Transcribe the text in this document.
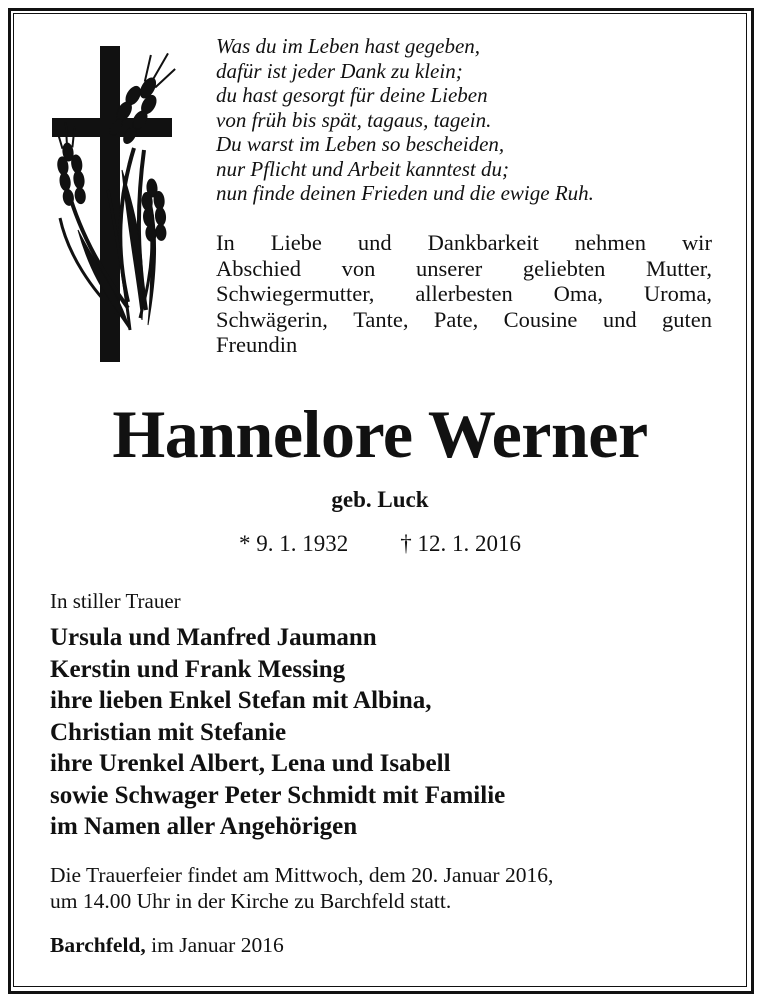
Was du im Leben hast gegeben,
dafür ist jeder Dank zu klein;
du hast gesorgt für deine Lieben
von früh bis spät, tagaus, tagein.
Du warst im Leben so bescheiden,
nur Pflicht und Arbeit kanntest du;
nun finde deinen Frieden und die ewige Ruh.
In Liebe und Dankbarkeit nehmen wir
Abschied von unserer geliebten Mutter,
Schwiegermutter, allerbesten Oma, Uroma,
Schwägerin, Tante, Pate, Cousine und guten
Freundin
Hannelore Werner
geb. Luck
* 9. 1. 1932 † 12. 1. 2016
In stiller Trauer
Ursula und Manfred Jaumann
Kerstin und Frank Messing
ihre lieben Enkel Stefan mit Albina,
Christian mit Stefanie
ihre Urenkel Albert, Lena und Isabell
sowie Schwager Peter Schmidt mit Familie
im Namen aller Angehörigen
Die Trauerfeier findet am Mittwoch, dem 20. Januar 2016,
um 14.00 Uhr in der Kirche zu Barchfeld statt.
Barchfeld, im Januar 2016
